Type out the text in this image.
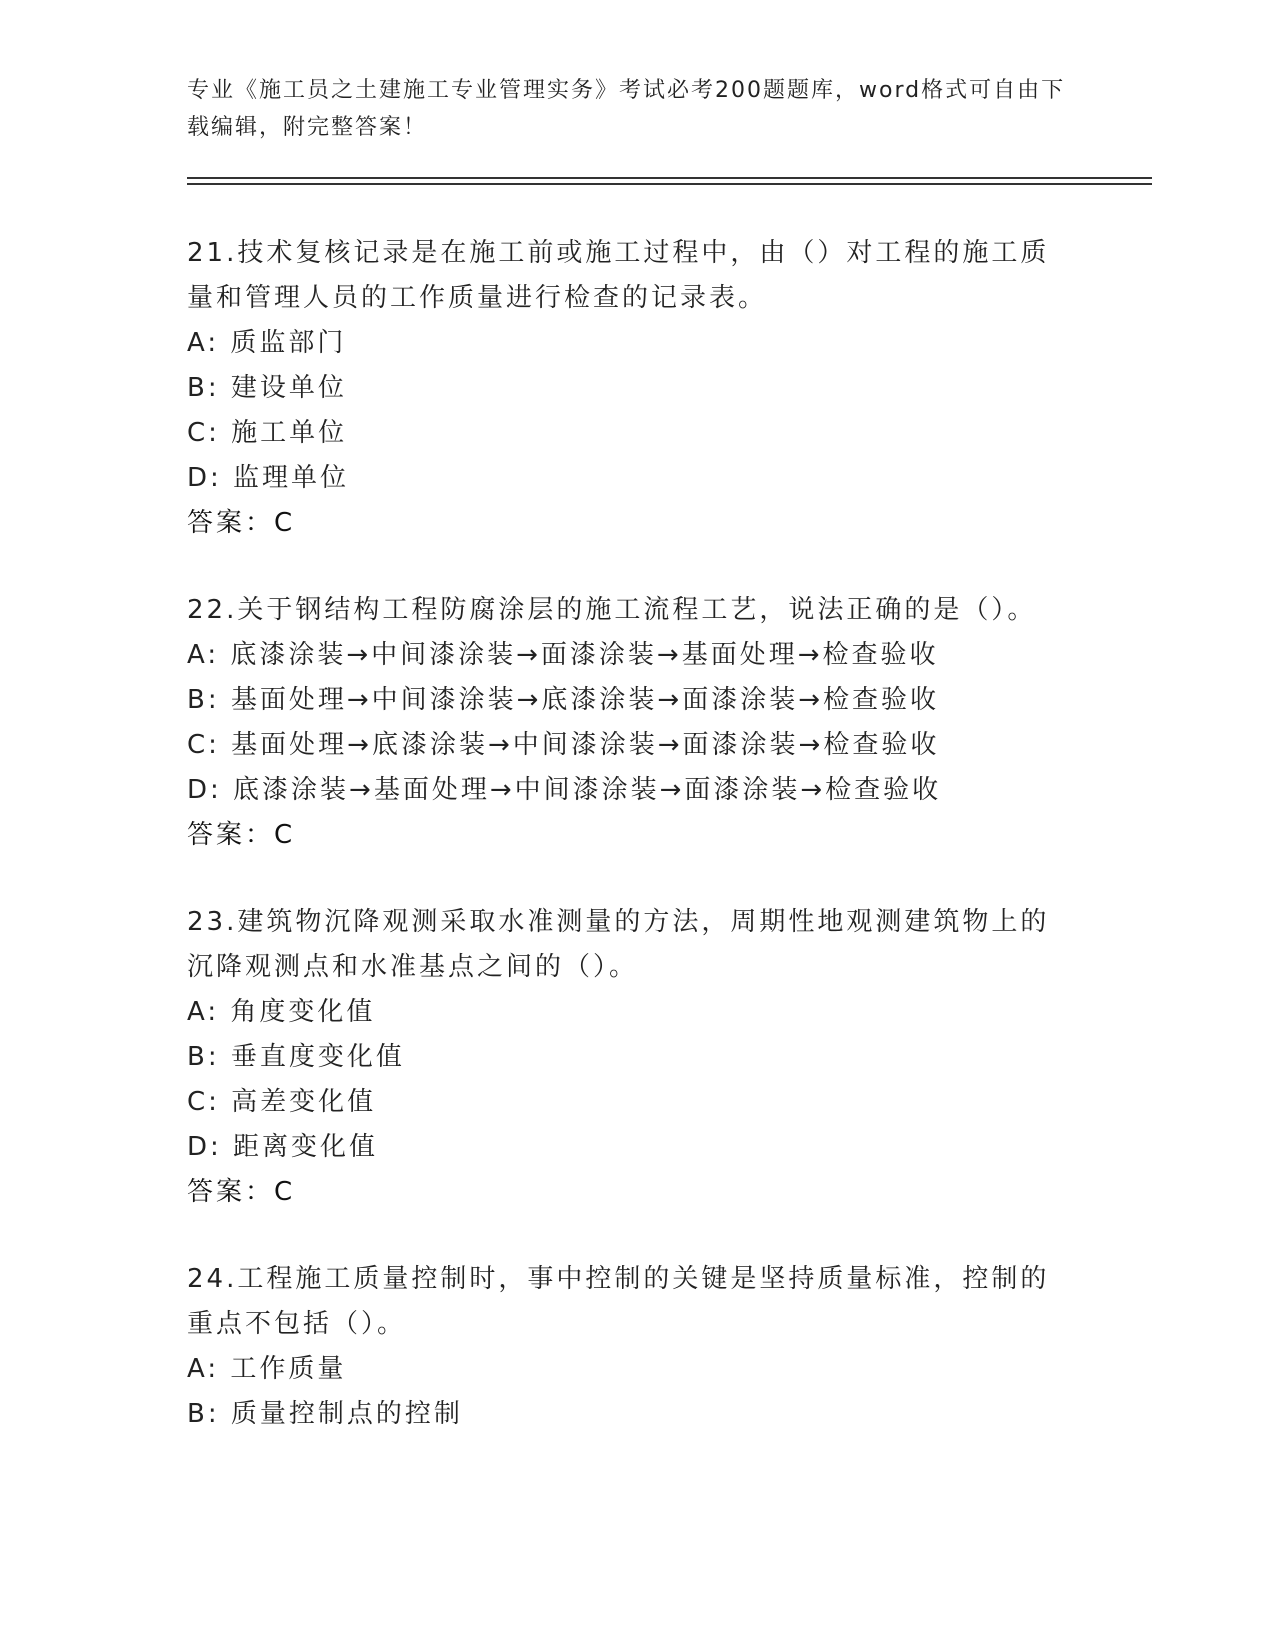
专业《施工员之土建施工专业管理实务》考试必考200题题库，word格式可自由下载编辑，附完整答案！
21.技术复核记录是在施工前或施工过程中，由（）对工程的施工质量和管理人员的工作质量进行检查的记录表。
A: 质监部门
B: 建设单位
C: 施工单位
D: 监理单位
答案：C
22.关于钢结构工程防腐涂层的施工流程工艺，说法正确的是（）。
A: 底漆涂装→中间漆涂装→面漆涂装→基面处理→检查验收
B: 基面处理→中间漆涂装→底漆涂装→面漆涂装→检查验收
C: 基面处理→底漆涂装→中间漆涂装→面漆涂装→检查验收
D: 底漆涂装→基面处理→中间漆涂装→面漆涂装→检查验收
答案：C
23.建筑物沉降观测采取水准测量的方法，周期性地观测建筑物上的沉降观测点和水准基点之间的（）。
A: 角度变化值
B: 垂直度变化值
C: 高差变化值
D: 距离变化值
答案：C
24.工程施工质量控制时，事中控制的关键是坚持质量标准，控制的重点不包括（）。
A: 工作质量
B: 质量控制点的控制
